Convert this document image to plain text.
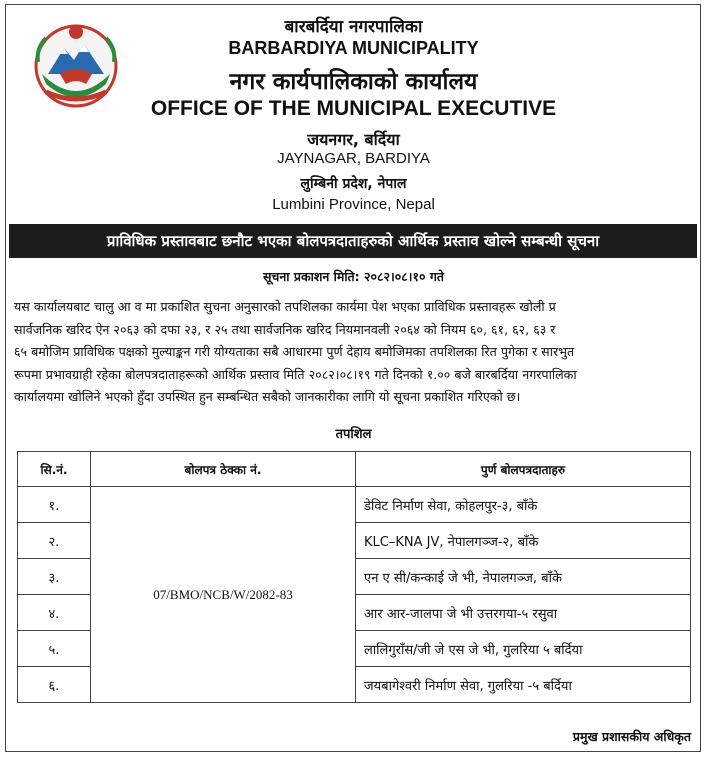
बारबर्दिया नगरपालिका
BARBARDIYA MUNICIPALITY
नगर कार्यपालिकाको कार्यालय
OFFICE OF THE MUNICIPAL EXECUTIVE
जयनगर, बर्दिया
JAYNAGAR, BARDIYA
लुम्बिनी प्रदेश, नेपाल
Lumbini Province, Nepal
प्राविधिक प्रस्तावबाट छनौट भएका बोलपत्रदाताहरुको आर्थिक प्रस्ताव खोल्ने सम्बन्धी सूचना
सूचना प्रकाशन मिति: २०८२।०८।१० गते
यस कार्यालयबाट चालु आ व मा प्रकाशित सुचना अनुसारको तपशिलका कार्यमा पेश भएका प्राविधिक प्रस्तावहरू खोली प्र
सार्वजनिक खरिद ऐन २०६३ को दफा २३, र २५ तथा सार्वजनिक खरिद नियमानवली २०६४ को नियम ६०, ६१, ६२, ६३ र
६५ बमोजिम प्राविधिक पक्षको मुल्याङ्कन गरी योग्यताका सबै आधारमा पुर्ण देहाय बमोजिमका तपशिलका रित पुगेका र सारभुत
रूपमा प्रभावग्राही रहेका बोलपत्रदाताहरूको आर्थिक प्रस्ताव मिति २०८२।०८।१९ गते दिनको १.०० बजे बारबर्दिया नगरपालिका
कार्यालयमा खोलिने भएको हुँदा उपस्थित हुन सम्बन्धित सबैको जानकारीका लागि यो सूचना प्रकाशित गरिएको छ।
तपशिल
सि.नं.	बोलपत्र ठेक्का नं.	पुर्ण बोलपत्रदाताहरु
१.	07/BMO/NCB/W/2082-83	डेविट निर्माण सेवा, कोहलपुर-३, बाँके
२.		KLC–KNA JV, नेपालगञ्ज-२, बाँके
३.		एन ए सी/कन्काई जे भी, नेपालगञ्ज, बाँके
४.		आर आर-जालपा जे भी उत्तरगया-५ रसुवा
५.		लालिगुराँस/जी जे एस जे भी, गुलरिया ५ बर्दिया
६.		जयबागेश्वरी निर्माण सेवा, गुलरिया -५ बर्दिया
प्रमुख प्रशासकीय अधिकृत
